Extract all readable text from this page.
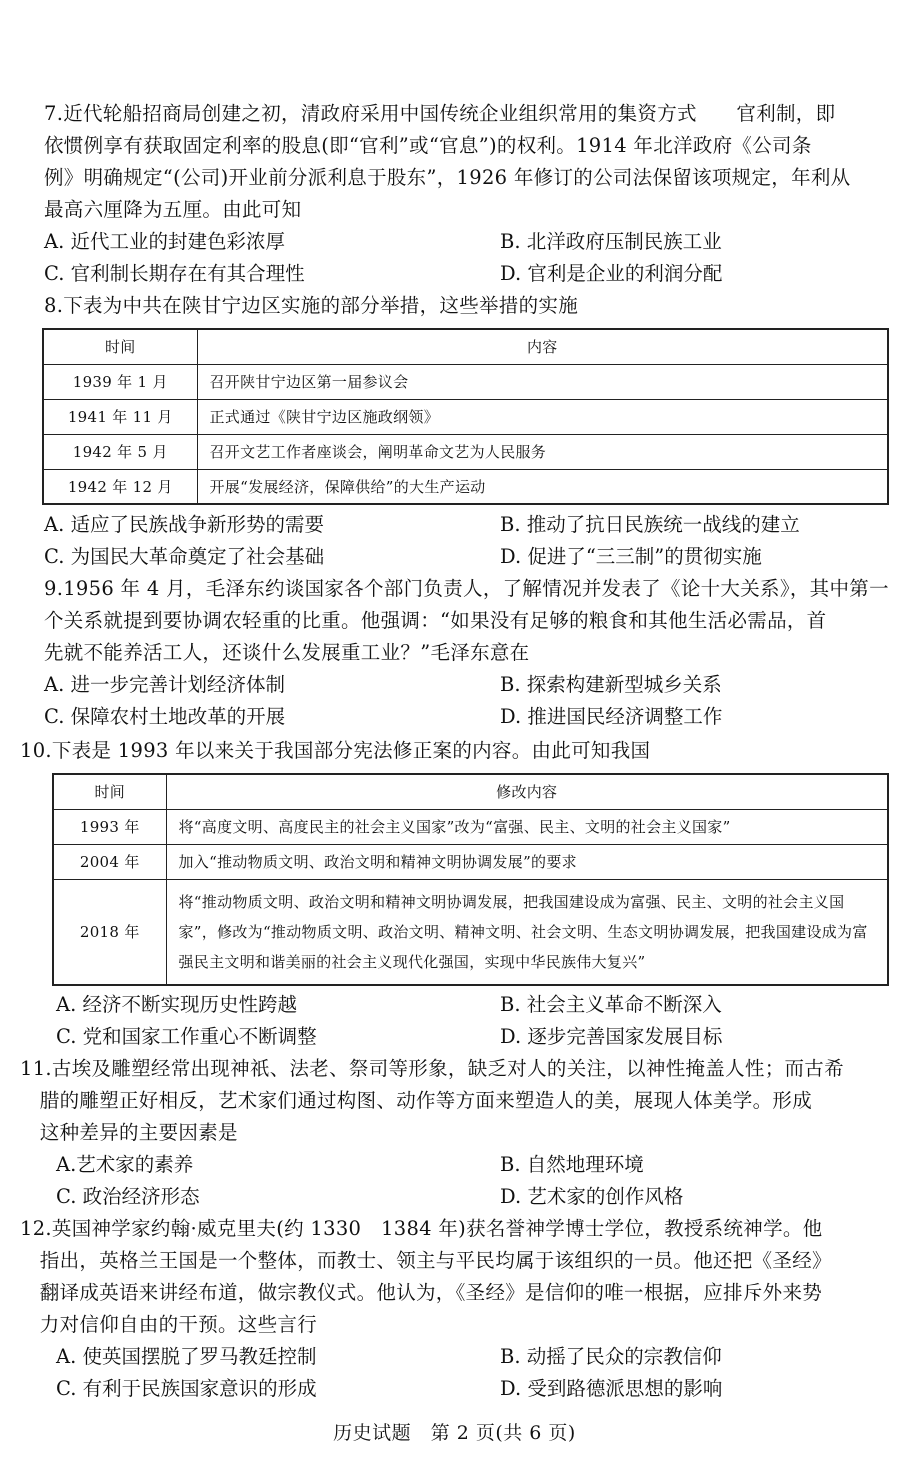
7.近代轮船招商局创建之初，清政府采用中国传统企业组织常用的集资方式　　官利制，即
依惯例享有获取固定利率的股息(即“官利”或“官息”)的权利。1914 年北洋政府《公司条
例》明确规定“(公司)开业前分派利息于股东”，1926 年修订的公司法保留该项规定，年利从
最高六厘降为五厘。由此可知
A. 近代工业的封建色彩浓厚	B. 北洋政府压制民族工业
C. 官利制长期存在有其合理性	D. 官利是企业的利润分配
8.下表为中共在陕甘宁边区实施的部分举措，这些举措的实施
时间	内容
1939 年 1 月	召开陕甘宁边区第一届参议会
1941 年 11 月	正式通过《陕甘宁边区施政纲领》
1942 年 5 月	召开文艺工作者座谈会，阐明革命文艺为人民服务
1942 年 12 月	开展“发展经济，保障供给”的大生产运动
A. 适应了民族战争新形势的需要	B. 推动了抗日民族统一战线的建立
C. 为国民大革命奠定了社会基础	D. 促进了“三三制”的贯彻实施
9.1956 年 4 月，毛泽东约谈国家各个部门负责人，了解情况并发表了《论十大关系》，其中第一
个关系就提到要协调农轻重的比重。他强调：“如果没有足够的粮食和其他生活必需品，首
先就不能养活工人，还谈什么发展重工业？”毛泽东意在
A. 进一步完善计划经济体制	B. 探索构建新型城乡关系
C. 保障农村土地改革的开展	D. 推进国民经济调整工作
10.下表是 1993 年以来关于我国部分宪法修正案的内容。由此可知我国
时间	修改内容
1993 年	将“高度文明、高度民主的社会主义国家”改为“富强、民主、文明的社会主义国家”
2004 年	加入“推动物质文明、政治文明和精神文明协调发展”的要求
2018 年	将“推动物质文明、政治文明和精神文明协调发展，把我国建设成为富强、民主、文明的社会主义国家”，修改为“推动物质文明、政治文明、精神文明、社会文明、生态文明协调发展，把我国建设成为富强民主文明和谐美丽的社会主义现代化强国，实现中华民族伟大复兴”
A. 经济不断实现历史性跨越	B. 社会主义革命不断深入
C. 党和国家工作重心不断调整	D. 逐步完善国家发展目标
11.古埃及雕塑经常出现神祇、法老、祭司等形象，缺乏对人的关注，以神性掩盖人性；而古希
　腊的雕塑正好相反，艺术家们通过构图、动作等方面来塑造人的美，展现人体美学。形成
　这种差异的主要因素是
A.艺术家的素养	B. 自然地理环境
C. 政治经济形态	D. 艺术家的创作风格
12.英国神学家约翰·威克里夫(约 1330　1384 年)获名誉神学博士学位，教授系统神学。他
　指出，英格兰王国是一个整体，而教士、领主与平民均属于该组织的一员。他还把《圣经》
　翻译成英语来讲经布道，做宗教仪式。他认为，《圣经》是信仰的唯一根据，应排斥外来势
　力对信仰自由的干预。这些言行
A. 使英国摆脱了罗马教廷控制	B. 动摇了民众的宗教信仰
C. 有利于民族国家意识的形成	D. 受到路德派思想的影响
历史试题　第 2 页(共 6 页)
